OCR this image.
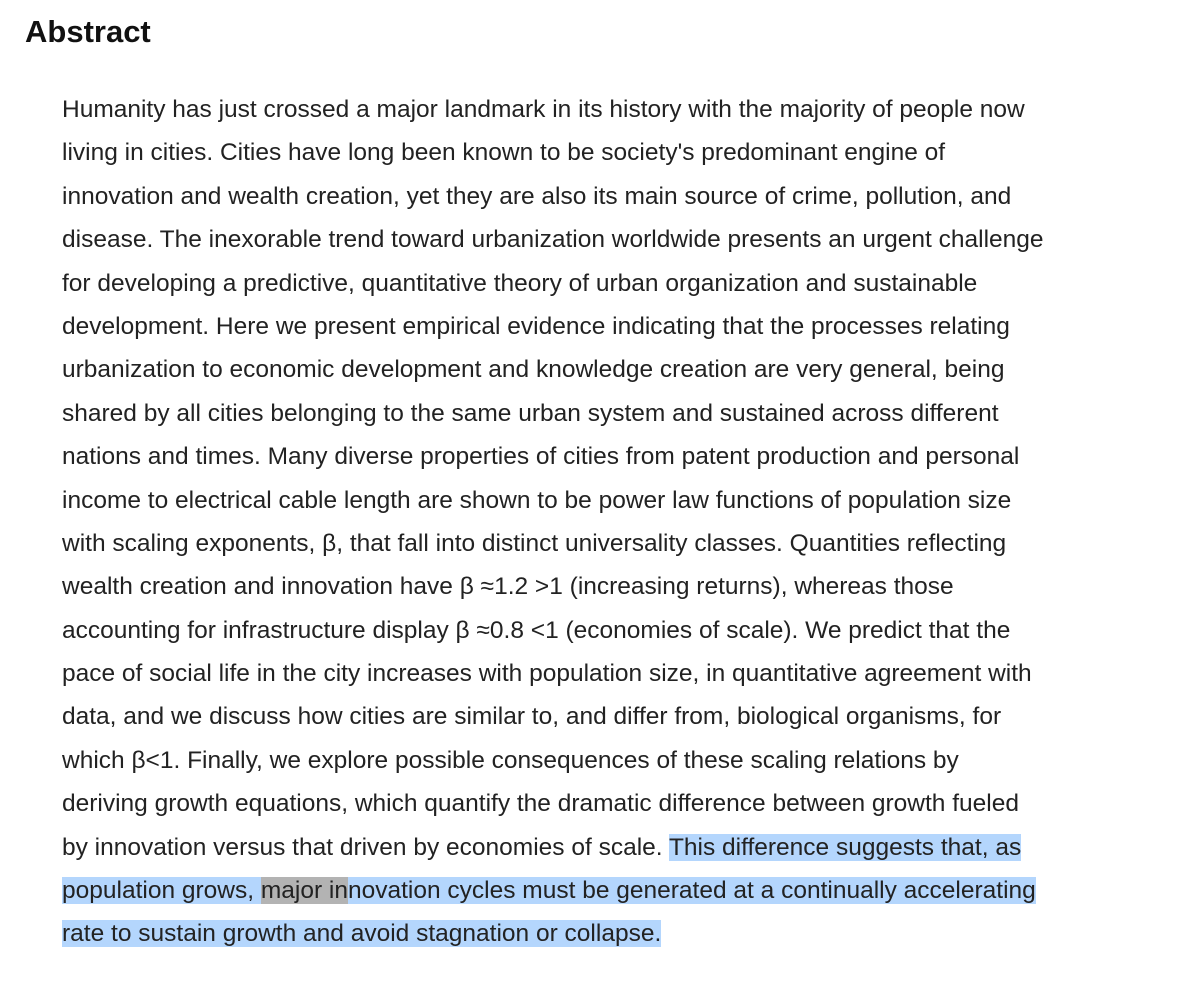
Abstract
Humanity has just crossed a major landmark in its history with the majority of people now
living in cities. Cities have long been known to be society's predominant engine of
innovation and wealth creation, yet they are also its main source of crime, pollution, and
disease. The inexorable trend toward urbanization worldwide presents an urgent challenge
for developing a predictive, quantitative theory of urban organization and sustainable
development. Here we present empirical evidence indicating that the processes relating
urbanization to economic development and knowledge creation are very general, being
shared by all cities belonging to the same urban system and sustained across different
nations and times. Many diverse properties of cities from patent production and personal
income to electrical cable length are shown to be power law functions of population size
with scaling exponents, β, that fall into distinct universality classes. Quantities reflecting
wealth creation and innovation have β ≈1.2 >1 (increasing returns), whereas those
accounting for infrastructure display β ≈0.8 <1 (economies of scale). We predict that the
pace of social life in the city increases with population size, in quantitative agreement with
data, and we discuss how cities are similar to, and differ from, biological organisms, for
which β<1. Finally, we explore possible consequences of these scaling relations by
deriving growth equations, which quantify the dramatic difference between growth fueled
by innovation versus that driven by economies of scale. This difference suggests that, as
population grows, major innovation cycles must be generated at a continually accelerating
rate to sustain growth and avoid stagnation or collapse.
